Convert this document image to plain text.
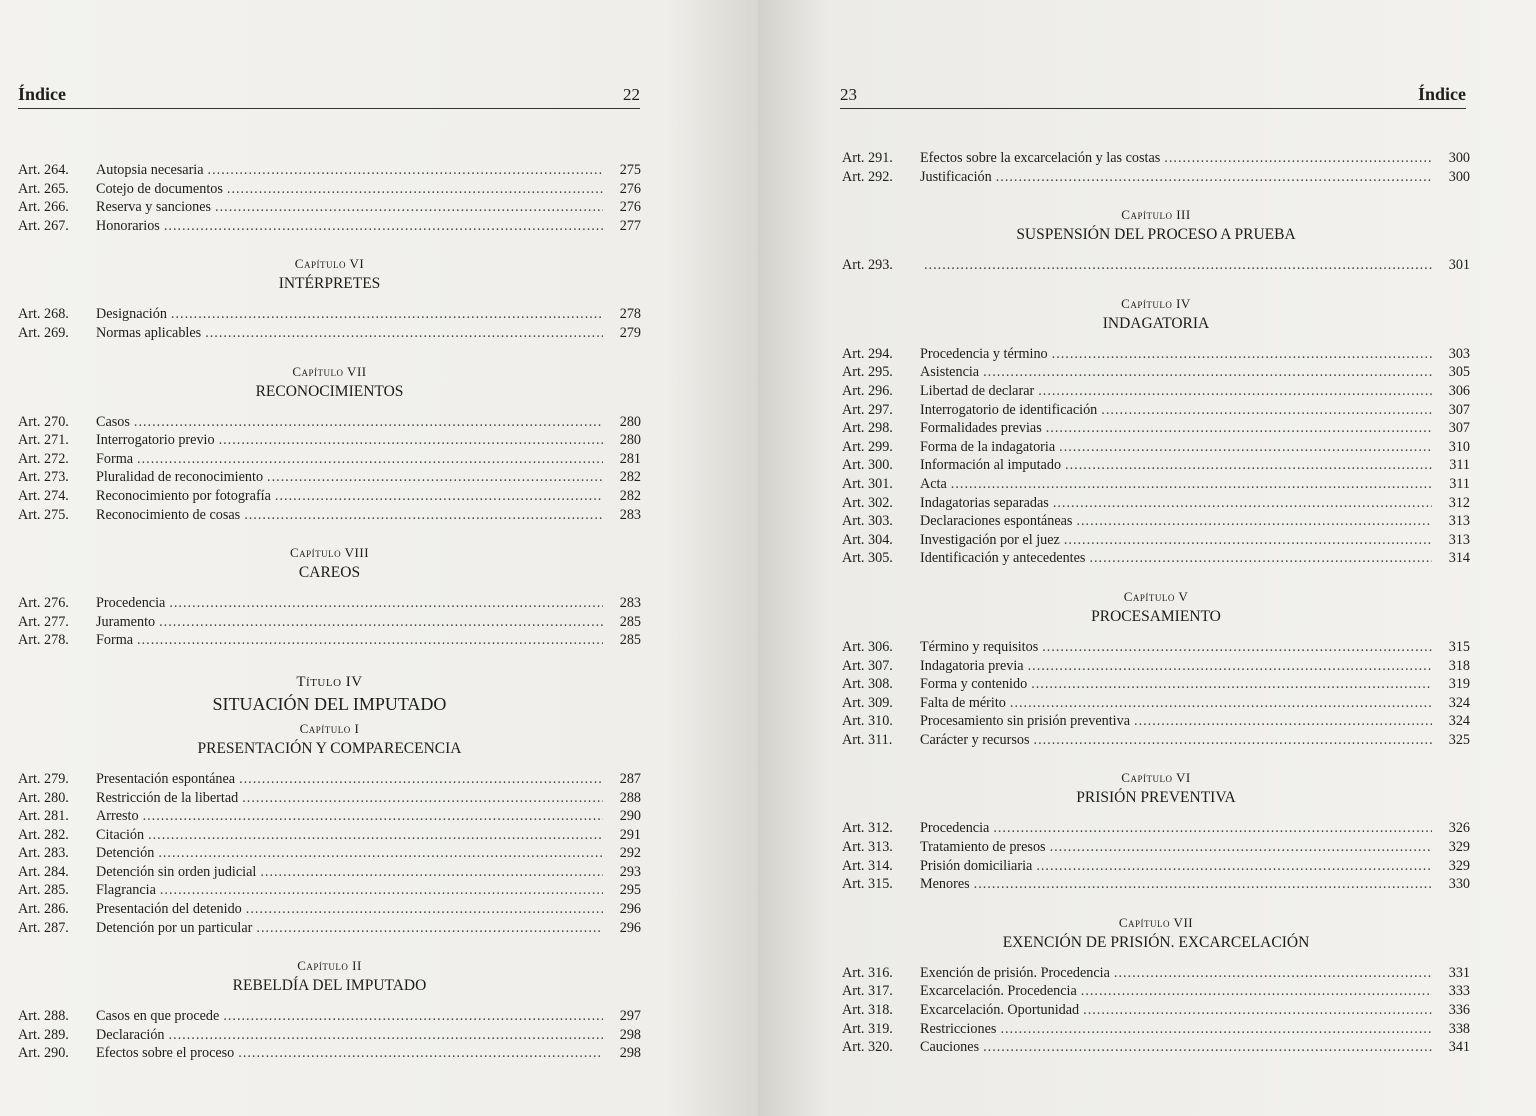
Índice	22
Art. 264.	Autopsia necesaria .....	275
Art. 265.	Cotejo de documentos .....	276
Art. 266.	Reserva y sanciones .....	276
Art. 267.	Honorarios .....	277
Capítulo VI
INTÉRPRETES
Art. 268.	Designación .....	278
Art. 269.	Normas aplicables .....	279
Capítulo VII
RECONOCIMIENTOS
Art. 270.	Casos .....	280
Art. 271.	Interrogatorio previo .....	280
Art. 272.	Forma .....	281
Art. 273.	Pluralidad de reconocimiento .....	282
Art. 274.	Reconocimiento por fotografía .....	282
Art. 275.	Reconocimiento de cosas .....	283
Capítulo VIII
CAREOS
Art. 276.	Procedencia .....	283
Art. 277.	Juramento .....	285
Art. 278.	Forma .....	285
Título IV
SITUACIÓN DEL IMPUTADO
Capítulo I
PRESENTACIÓN Y COMPARECENCIA
Art. 279.	Presentación espontánea .....	287
Art. 280.	Restricción de la libertad .....	288
Art. 281.	Arresto .....	290
Art. 282.	Citación .....	291
Art. 283.	Detención .....	292
Art. 284.	Detención sin orden judicial .....	293
Art. 285.	Flagrancia .....	295
Art. 286.	Presentación del detenido .....	296
Art. 287.	Detención por un particular .....	296
Capítulo II
REBELDÍA DEL IMPUTADO
Art. 288.	Casos en que procede .....	297
Art. 289.	Declaración .....	298
Art. 290.	Efectos sobre el proceso .....	298
23	Índice
Art. 291.	Efectos sobre la excarcelación y las costas .....	300
Art. 292.	Justificación .....	300
Capítulo III
SUSPENSIÓN DEL PROCESO A PRUEBA
Art. 293. .....	301
Capítulo IV
INDAGATORIA
Art. 294.	Procedencia y término .....	303
Art. 295.	Asistencia .....	305
Art. 296.	Libertad de declarar .....	306
Art. 297.	Interrogatorio de identificación .....	307
Art. 298.	Formalidades previas .....	307
Art. 299.	Forma de la indagatoria .....	310
Art. 300.	Información al imputado .....	311
Art. 301.	Acta .....	311
Art. 302.	Indagatorias separadas .....	312
Art. 303.	Declaraciones espontáneas .....	313
Art. 304.	Investigación por el juez .....	313
Art. 305.	Identificación y antecedentes .....	314
Capítulo V
PROCESAMIENTO
Art. 306.	Término y requisitos .....	315
Art. 307.	Indagatoria previa .....	318
Art. 308.	Forma y contenido .....	319
Art. 309.	Falta de mérito .....	324
Art. 310.	Procesamiento sin prisión preventiva .....	324
Art. 311.	Carácter y recursos .....	325
Capítulo VI
PRISIÓN PREVENTIVA
Art. 312.	Procedencia .....	326
Art. 313.	Tratamiento de presos .....	329
Art. 314.	Prisión domiciliaria .....	329
Art. 315.	Menores .....	330
Capítulo VII
EXENCIÓN DE PRISIÓN. EXCARCELACIÓN
Art. 316.	Exención de prisión. Procedencia .....	331
Art. 317.	Excarcelación. Procedencia .....	333
Art. 318.	Excarcelación. Oportunidad .....	336
Art. 319.	Restricciones .....	338
Art. 320.	Cauciones .....	341
